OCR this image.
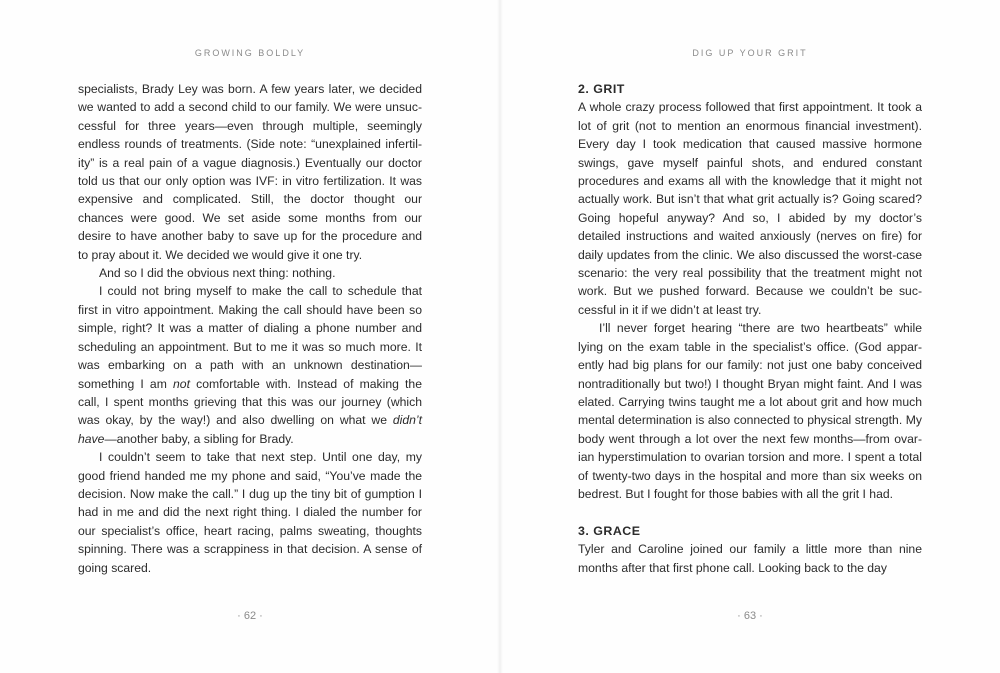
GROWING BOLDLY

specialists, Brady Ley was born. A few years later, we decided we wanted to add a second child to our family. We were unsuccessful for three years—even through multiple, seemingly endless rounds of treatments. (Side note: “unexplained infertility” is a real pain of a vague diagnosis.) Eventually our doctor told us that our only option was IVF: in vitro fertilization. It was expensive and complicated. Still, the doctor thought our chances were good. We set aside some months from our desire to have another baby to save up for the procedure and to pray about it. We decided we would give it one try.

And so I did the obvious next thing: nothing.

I could not bring myself to make the call to schedule that first in vitro appointment. Making the call should have been so simple, right? It was a matter of dialing a phone number and scheduling an appointment. But to me it was so much more. It was embarking on a path with an unknown destination—something I am not comfortable with. Instead of making the call, I spent months grieving that this was our journey (which was okay, by the way!) and also dwelling on what we didn’t have—another baby, a sibling for Brady.

I couldn’t seem to take that next step. Until one day, my good friend handed me my phone and said, “You’ve made the decision. Now make the call.” I dug up the tiny bit of gumption I had in me and did the next right thing. I dialed the number for our specialist’s office, heart racing, palms sweating, thoughts spinning. There was a scrappiness in that decision. A sense of going scared.

· 62 ·
DIG UP YOUR GRIT
2. GRIT

A whole crazy process followed that first appointment. It took a lot of grit (not to mention an enormous financial investment). Every day I took medication that caused massive hormone swings, gave myself painful shots, and endured constant procedures and exams all with the knowledge that it might not actually work. But isn’t that what grit actually is? Going scared? Going hopeful anyway? And so, I abided by my doctor’s detailed instructions and waited anxiously (nerves on fire) for daily updates from the clinic. We also discussed the worst-case scenario: the very real possibility that the treatment might not work. But we pushed forward. Because we couldn’t be successful in it if we didn’t at least try.

I’ll never forget hearing “there are two heartbeats” while lying on the exam table in the specialist’s office. (God apparently had big plans for our family: not just one baby conceived nontraditionally but two!) I thought Bryan might faint. And I was elated. Carrying twins taught me a lot about grit and how much mental determination is also connected to physical strength. My body went through a lot over the next few months—from ovarian hyperstimulation to ovarian torsion and more. I spent a total of twenty-two days in the hospital and more than six weeks on bedrest. But I fought for those babies with all the grit I had.

3. GRACE

Tyler and Caroline joined our family a little more than nine months after that first phone call. Looking back to the day

· 63 ·
